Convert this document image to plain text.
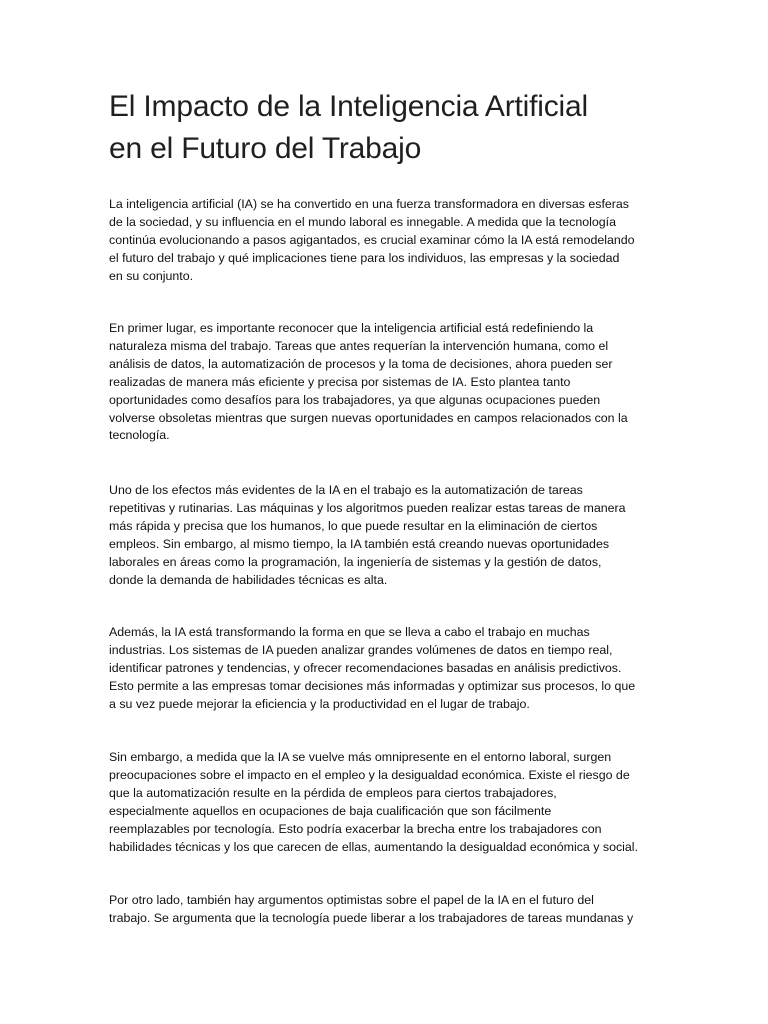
El Impacto de la Inteligencia Artificial
en el Futuro del Trabajo

La inteligencia artificial (IA) se ha convertido en una fuerza transformadora en diversas esferas
de la sociedad, y su influencia en el mundo laboral es innegable. A medida que la tecnología
continúa evolucionando a pasos agigantados, es crucial examinar cómo la IA está remodelando
el futuro del trabajo y qué implicaciones tiene para los individuos, las empresas y la sociedad
en su conjunto.

En primer lugar, es importante reconocer que la inteligencia artificial está redefiniendo la
naturaleza misma del trabajo. Tareas que antes requerían la intervención humana, como el
análisis de datos, la automatización de procesos y la toma de decisiones, ahora pueden ser
realizadas de manera más eficiente y precisa por sistemas de IA. Esto plantea tanto
oportunidades como desafíos para los trabajadores, ya que algunas ocupaciones pueden
volverse obsoletas mientras que surgen nuevas oportunidades en campos relacionados con la
tecnología.

Uno de los efectos más evidentes de la IA en el trabajo es la automatización de tareas
repetitivas y rutinarias. Las máquinas y los algoritmos pueden realizar estas tareas de manera
más rápida y precisa que los humanos, lo que puede resultar en la eliminación de ciertos
empleos. Sin embargo, al mismo tiempo, la IA también está creando nuevas oportunidades
laborales en áreas como la programación, la ingeniería de sistemas y la gestión de datos,
donde la demanda de habilidades técnicas es alta.

Además, la IA está transformando la forma en que se lleva a cabo el trabajo en muchas
industrias. Los sistemas de IA pueden analizar grandes volúmenes de datos en tiempo real,
identificar patrones y tendencias, y ofrecer recomendaciones basadas en análisis predictivos.
Esto permite a las empresas tomar decisiones más informadas y optimizar sus procesos, lo que
a su vez puede mejorar la eficiencia y la productividad en el lugar de trabajo.

Sin embargo, a medida que la IA se vuelve más omnipresente en el entorno laboral, surgen
preocupaciones sobre el impacto en el empleo y la desigualdad económica. Existe el riesgo de
que la automatización resulte en la pérdida de empleos para ciertos trabajadores,
especialmente aquellos en ocupaciones de baja cualificación que son fácilmente
reemplazables por tecnología. Esto podría exacerbar la brecha entre los trabajadores con
habilidades técnicas y los que carecen de ellas, aumentando la desigualdad económica y social.

Por otro lado, también hay argumentos optimistas sobre el papel de la IA en el futuro del
trabajo. Se argumenta que la tecnología puede liberar a los trabajadores de tareas mundanas y
